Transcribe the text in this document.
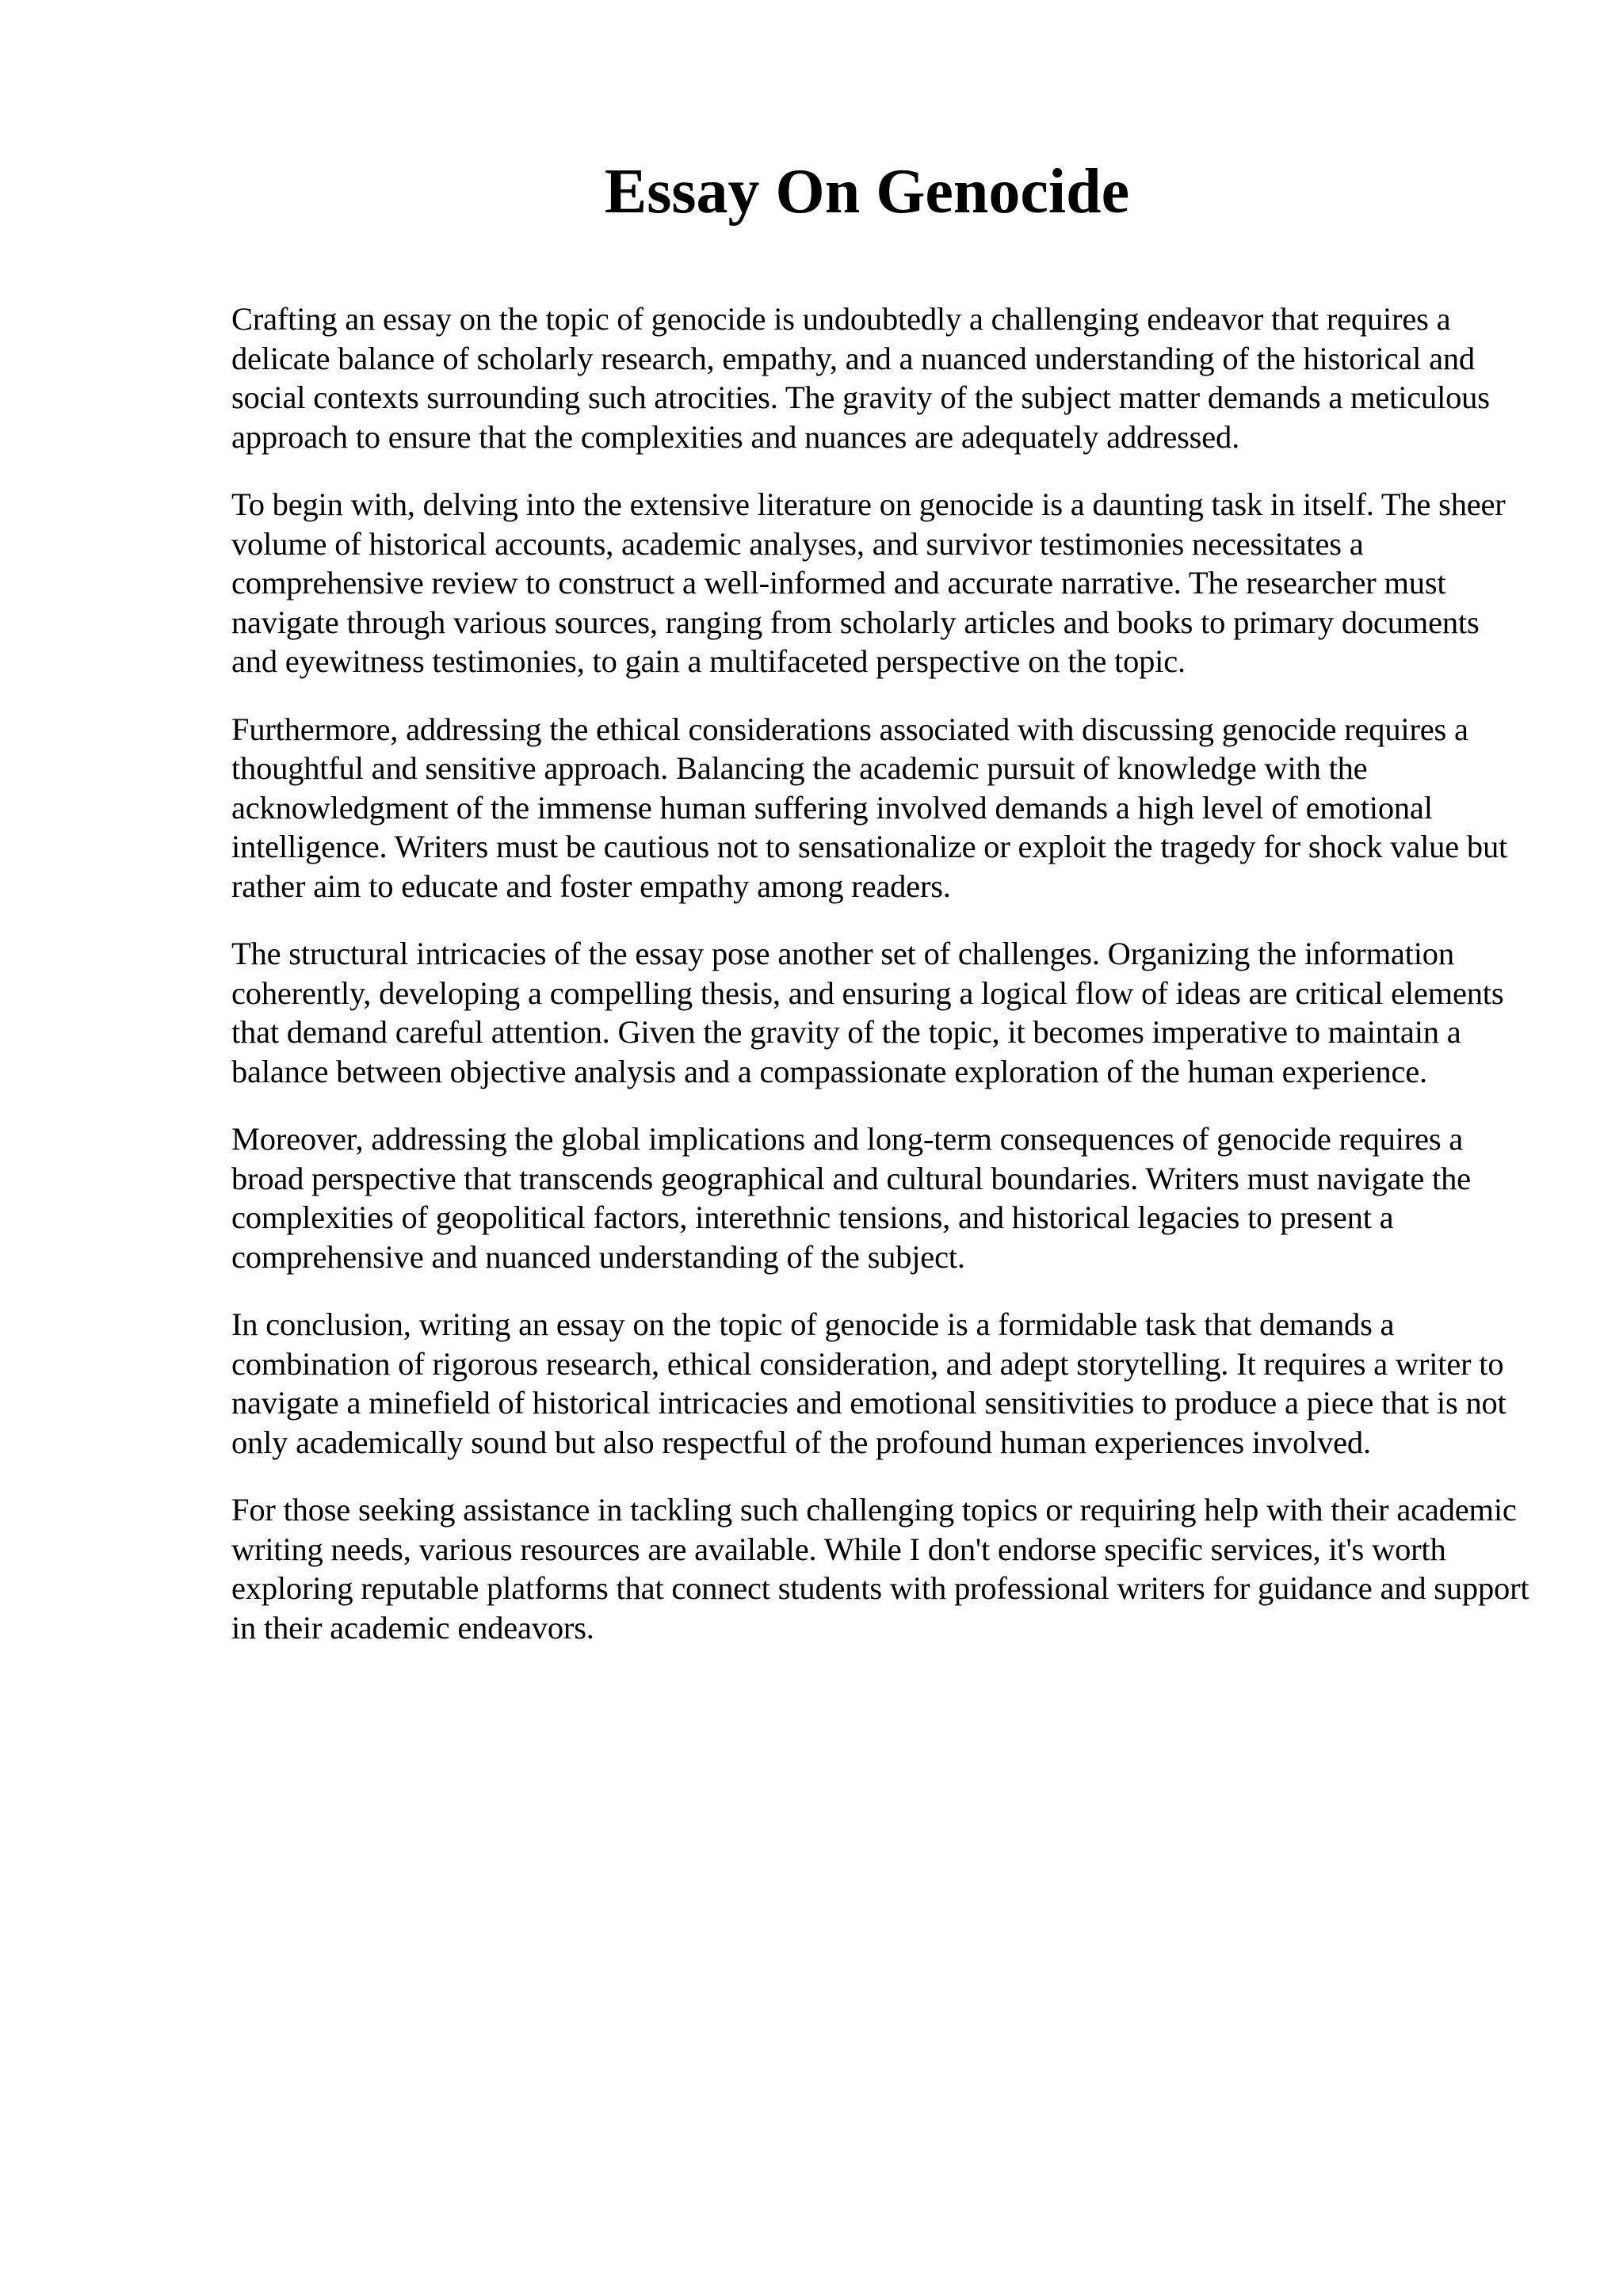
Essay On Genocide

Crafting an essay on the topic of genocide is undoubtedly a challenging endeavor that requires a delicate balance of scholarly research, empathy, and a nuanced understanding of the historical and social contexts surrounding such atrocities. The gravity of the subject matter demands a meticulous approach to ensure that the complexities and nuances are adequately addressed.

To begin with, delving into the extensive literature on genocide is a daunting task in itself. The sheer volume of historical accounts, academic analyses, and survivor testimonies necessitates a comprehensive review to construct a well-informed and accurate narrative. The researcher must navigate through various sources, ranging from scholarly articles and books to primary documents and eyewitness testimonies, to gain a multifaceted perspective on the topic.

Furthermore, addressing the ethical considerations associated with discussing genocide requires a thoughtful and sensitive approach. Balancing the academic pursuit of knowledge with the acknowledgment of the immense human suffering involved demands a high level of emotional intelligence. Writers must be cautious not to sensationalize or exploit the tragedy for shock value but rather aim to educate and foster empathy among readers.

The structural intricacies of the essay pose another set of challenges. Organizing the information coherently, developing a compelling thesis, and ensuring a logical flow of ideas are critical elements that demand careful attention. Given the gravity of the topic, it becomes imperative to maintain a balance between objective analysis and a compassionate exploration of the human experience.

Moreover, addressing the global implications and long-term consequences of genocide requires a broad perspective that transcends geographical and cultural boundaries. Writers must navigate the complexities of geopolitical factors, interethnic tensions, and historical legacies to present a comprehensive and nuanced understanding of the subject.

In conclusion, writing an essay on the topic of genocide is a formidable task that demands a combination of rigorous research, ethical consideration, and adept storytelling. It requires a writer to navigate a minefield of historical intricacies and emotional sensitivities to produce a piece that is not only academically sound but also respectful of the profound human experiences involved.

For those seeking assistance in tackling such challenging topics or requiring help with their academic writing needs, various resources are available. While I don't endorse specific services, it's worth exploring reputable platforms that connect students with professional writers for guidance and support in their academic endeavors.
